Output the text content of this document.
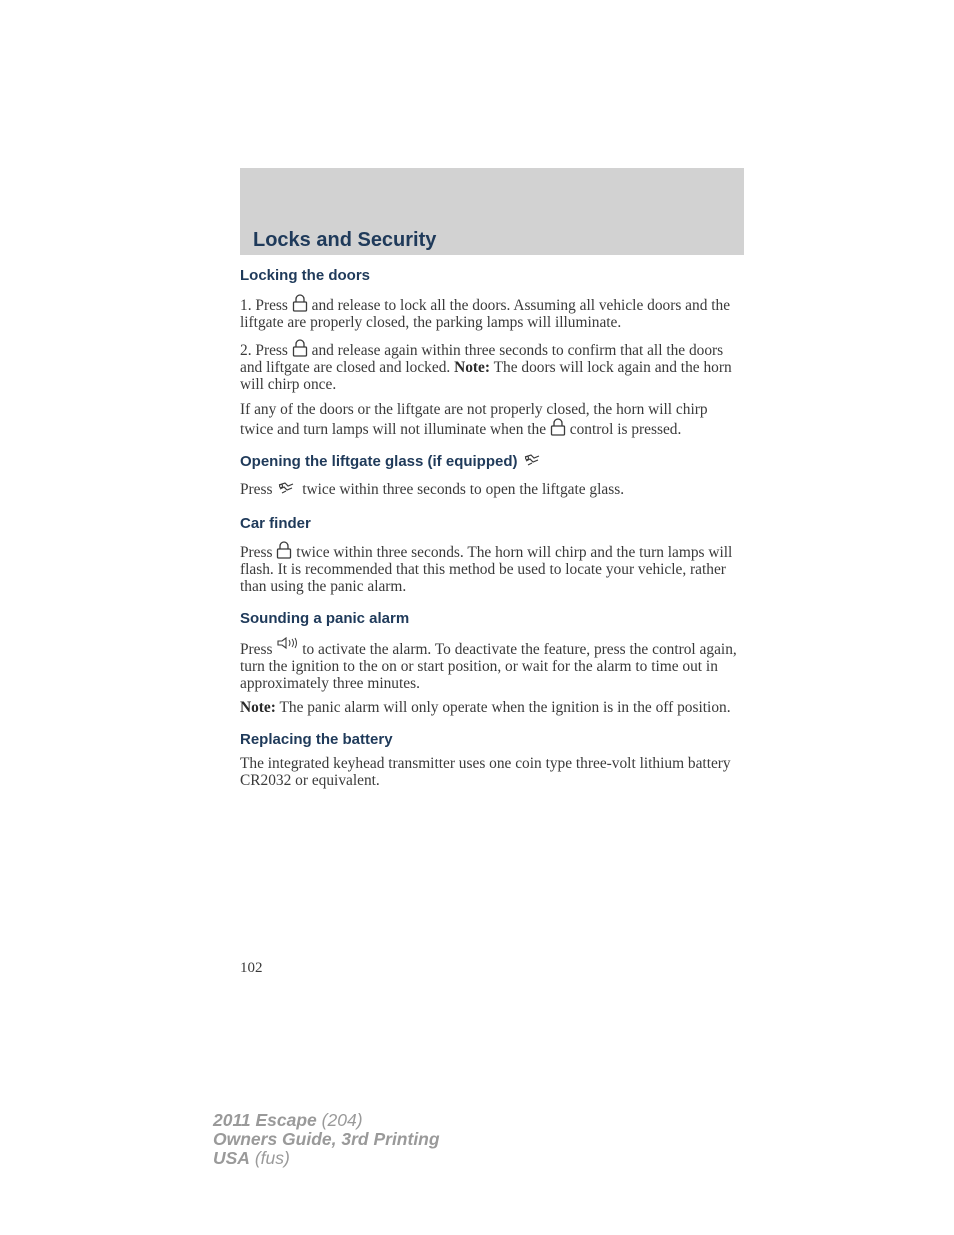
Locks and Security
Locking the doors

1. Press and release to lock all the doors. Assuming all vehicle doors and the liftgate are properly closed, the parking lamps will illuminate.

2. Press and release again within three seconds to confirm that all the doors and liftgate are closed and locked. Note: The doors will lock again and the horn will chirp once.

If any of the doors or the liftgate are not properly closed, the horn will chirp twice and turn lamps will not illuminate when the control is pressed.

Opening the liftgate glass (if equipped)

Press twice within three seconds to open the liftgate glass.

Car finder

Press twice within three seconds. The horn will chirp and the turn lamps will flash. It is recommended that this method be used to locate your vehicle, rather than using the panic alarm.

Sounding a panic alarm

Press to activate the alarm. To deactivate the feature, press the control again, turn the ignition to the on or start position, or wait for the alarm to time out in approximately three minutes.

Note: The panic alarm will only operate when the ignition is in the off position.

Replacing the battery

The integrated keyhead transmitter uses one coin type three-volt lithium battery CR2032 or equivalent.

102
2011 Escape (204)
Owners Guide, 3rd Printing
USA (fus)
